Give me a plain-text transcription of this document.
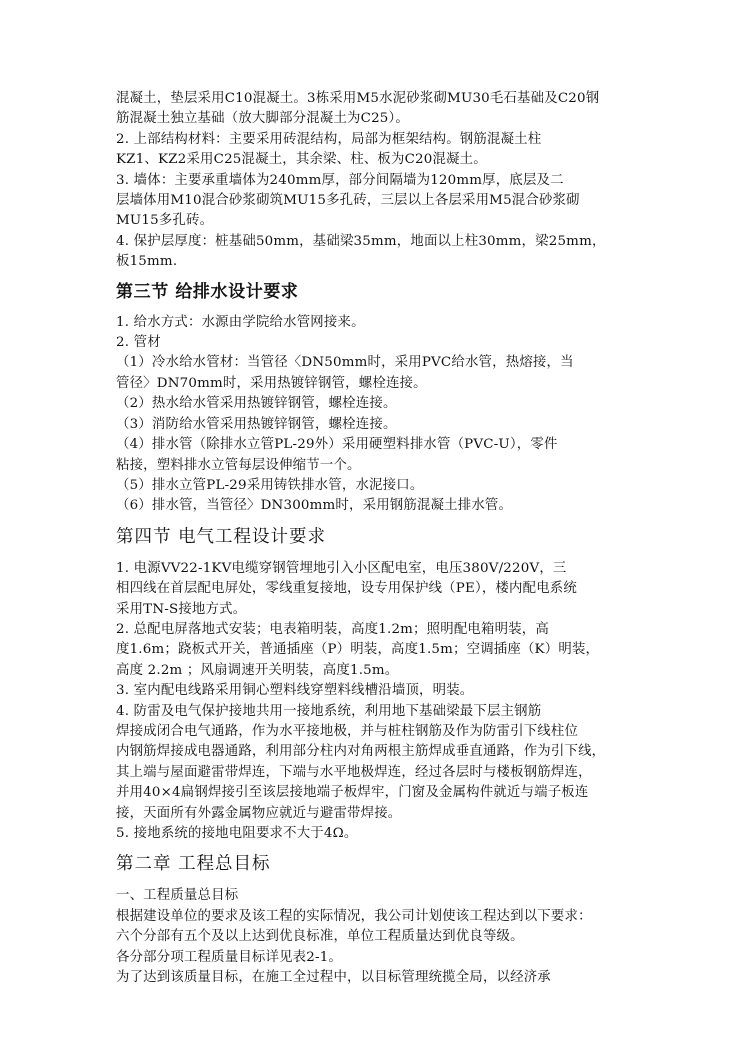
混凝土，垫层采用C10混凝土。3栋采用M5水泥砂浆砌MU30毛石基础及C20钢
筋混凝土独立基础（放大脚部分混凝土为C25）。
2. 上部结构材料：主要采用砖混结构，局部为框架结构。钢筋混凝土柱
KZ1、KZ2采用C25混凝土，其余梁、柱、板为C20混凝土。
3. 墙体：主要承重墙体为240mm厚，部分间隔墙为120mm厚，底层及二
层墙体用M10混合砂浆砌筑MU15多孔砖，三层以上各层采用M5混合砂浆砌
MU15多孔砖。
4. 保护层厚度：桩基础50mm，基础梁35mm，地面以上柱30mm，梁25mm，
板15mm.
第三节 给排水设计要求
1. 给水方式：水源由学院给水管网接来。
2. 管材
（1）冷水给水管材：当管径〈DN50mm时，采用PVC给水管，热熔接，当
管径〉DN70mm时，采用热镀锌钢管，螺栓连接。
（2）热水给水管采用热镀锌钢管，螺栓连接。
（3）消防给水管采用热镀锌钢管，螺栓连接。
（4）排水管（除排水立管PL-29外）采用硬塑料排水管（PVC-U），零件
粘接，塑料排水立管每层设伸缩节一个。
（5）排水立管PL-29采用铸铁排水管，水泥接口。
（6）排水管，当管径〉DN300mm时，采用钢筋混凝土排水管。
第四节 电气工程设计要求
1. 电源VV22-1KV电缆穿钢管埋地引入小区配电室，电压380V/220V，三
相四线在首层配电屏处，零线重复接地，设专用保护线（PE），楼内配电系统
采用TN-S接地方式。
2. 总配电屏落地式安装；电表箱明装，高度1.2m；照明配电箱明装，高
度1.6m；跷板式开关，普通插座（P）明装，高度1.5m；空调插座（K）明装，
高度 2.2m ；风扇调速开关明装，高度1.5m。
3. 室内配电线路采用铜心塑料线穿塑料线槽沿墙顶，明装。
4. 防雷及电气保护接地共用一接地系统，利用地下基础梁最下层主钢筋
焊接成闭合电气通路，作为水平接地极，并与桩柱钢筋及作为防雷引下线柱位
内钢筋焊接成电器通路，利用部分柱内对角两根主筋焊成垂直通路，作为引下线，
其上端与屋面避雷带焊连，下端与水平地极焊连，经过各层时与楼板钢筋焊连，
并用40×4扁钢焊接引至该层接地端子板焊牢，门窗及金属构件就近与端子板连
接，天面所有外露金属物应就近与避雷带焊接。
5. 接地系统的接地电阻要求不大于4Ω。
第二章 工程总目标
一、工程质量总目标
根据建设单位的要求及该工程的实际情况，我公司计划使该工程达到以下要求：
六个分部有五个及以上达到优良标准，单位工程质量达到优良等级。
各分部分项工程质量目标详见表2-1。
为了达到该质量目标，在施工全过程中，以目标管理统揽全局，以经济承
